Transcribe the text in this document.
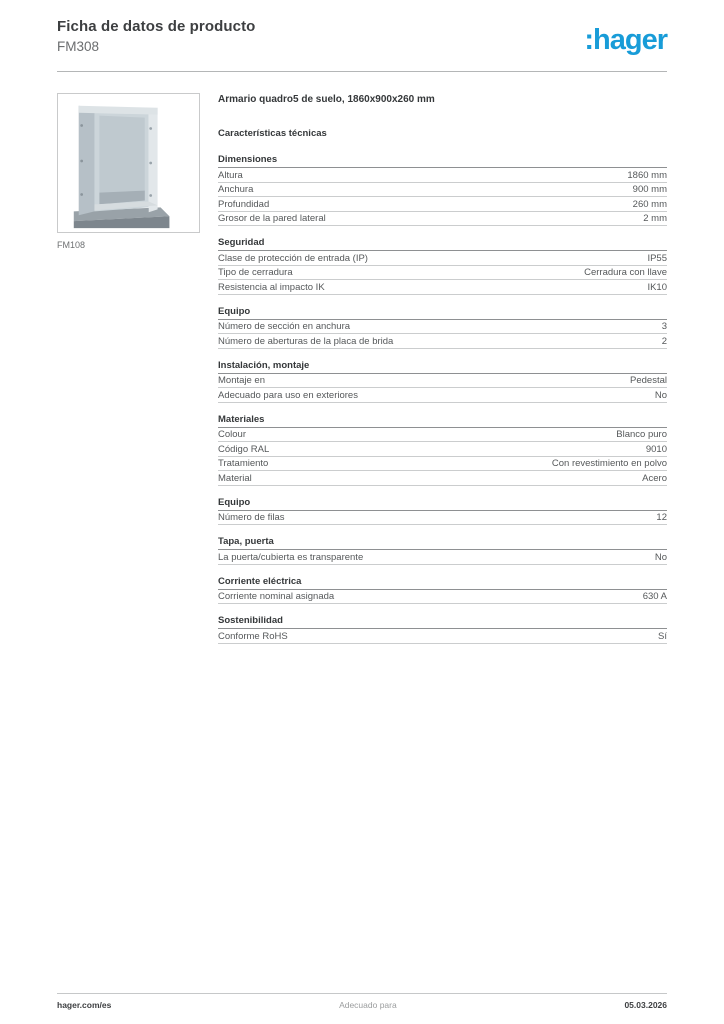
Ficha de datos de producto
FM308	:hager
FM108
Armario quadro5 de suelo, 1860x900x260 mm
Características técnicas
Dimensiones
Altura	1860 mm
Anchura	900 mm
Profundidad	260 mm
Grosor de la pared lateral	2 mm
Seguridad
Clase de protección de entrada (IP)	IP55
Tipo de cerradura	Cerradura con llave
Resistencia al impacto IK	IK10
Equipo
Número de sección en anchura	3
Número de aberturas de la placa de brida	2
Instalación, montaje
Montaje en	Pedestal
Adecuado para uso en exteriores	No
Materiales
Colour	Blanco puro
Código RAL	9010
Tratamiento	Con revestimiento en polvo
Material	Acero
Equipo
Número de filas	12
Tapa, puerta
La puerta/cubierta es transparente	No
Corriente eléctrica
Corriente nominal asignada	630 A
Sostenibilidad
Conforme RoHS	Sí
hager.com/es	Adecuado para	05.03.2026
